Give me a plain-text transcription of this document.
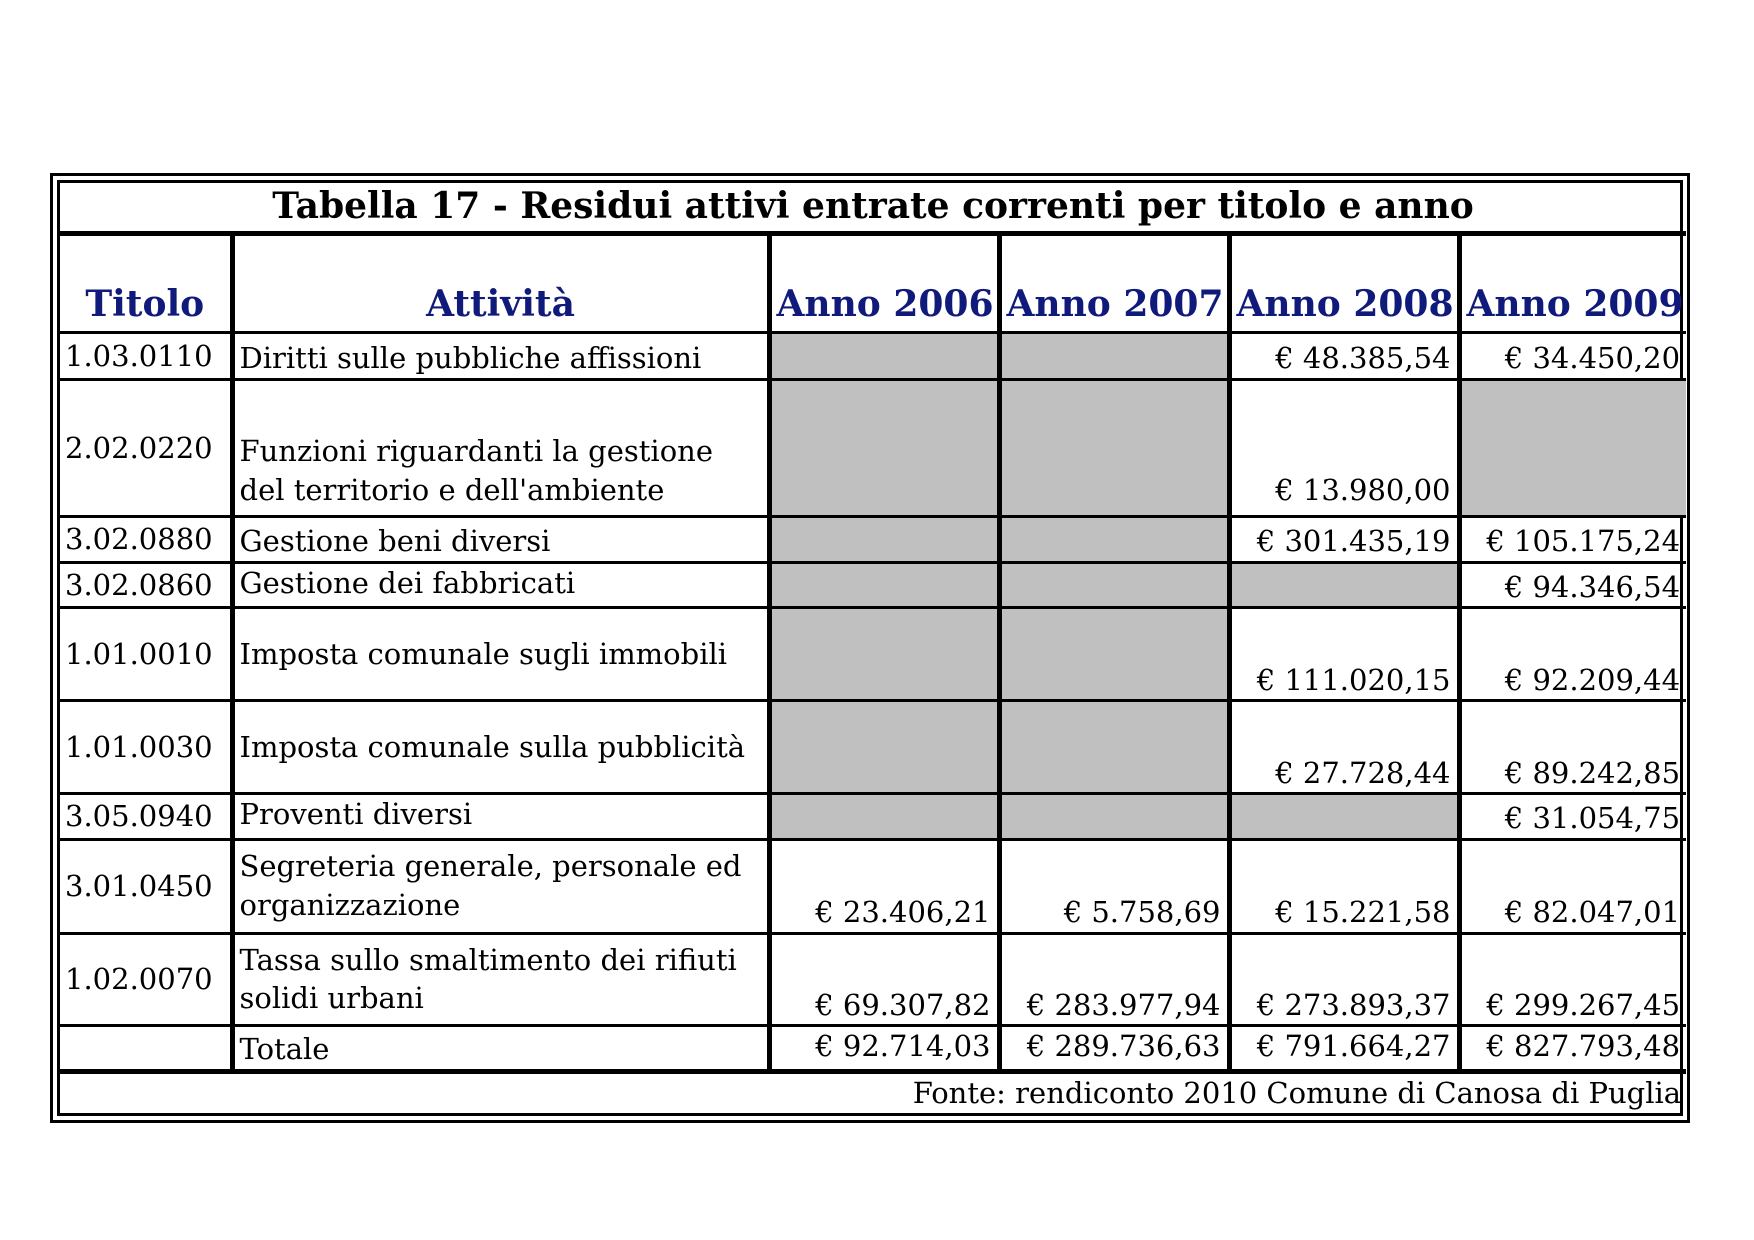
Tabella 17 - Residui attivi entrate correnti per titolo e anno					
Titolo	Attività	Anno 2006	Anno 2007	Anno 2008	Anno 2009
1.03.0110	Diritti sulle pubbliche affissioni			€ 48.385,54	€ 34.450,20
2.02.0220	Funzioni riguardanti la gestione del territorio e dell'ambiente			€ 13.980,00	
3.02.0880	Gestione beni diversi			€ 301.435,19	€ 105.175,24
3.02.0860	Gestione dei fabbricati				€ 94.346,54
1.01.0010	Imposta comunale sugli immobili			€ 111.020,15	€ 92.209,44
1.01.0030	Imposta comunale sulla pubblicità			€ 27.728,44	€ 89.242,85
3.05.0940	Proventi diversi				€ 31.054,75
3.01.0450	Segreteria generale, personale ed organizzazione	€ 23.406,21	€ 5.758,69	€ 15.221,58	€ 82.047,01
1.02.0070	Tassa sullo smaltimento dei rifiuti solidi urbani	€ 69.307,82	€ 283.977,94	€ 273.893,37	€ 299.267,45
	Totale	€ 92.714,03	€ 289.736,63	€ 791.664,27	€ 827.793,48
Fonte: rendiconto 2010 Comune di Canosa di Puglia					
